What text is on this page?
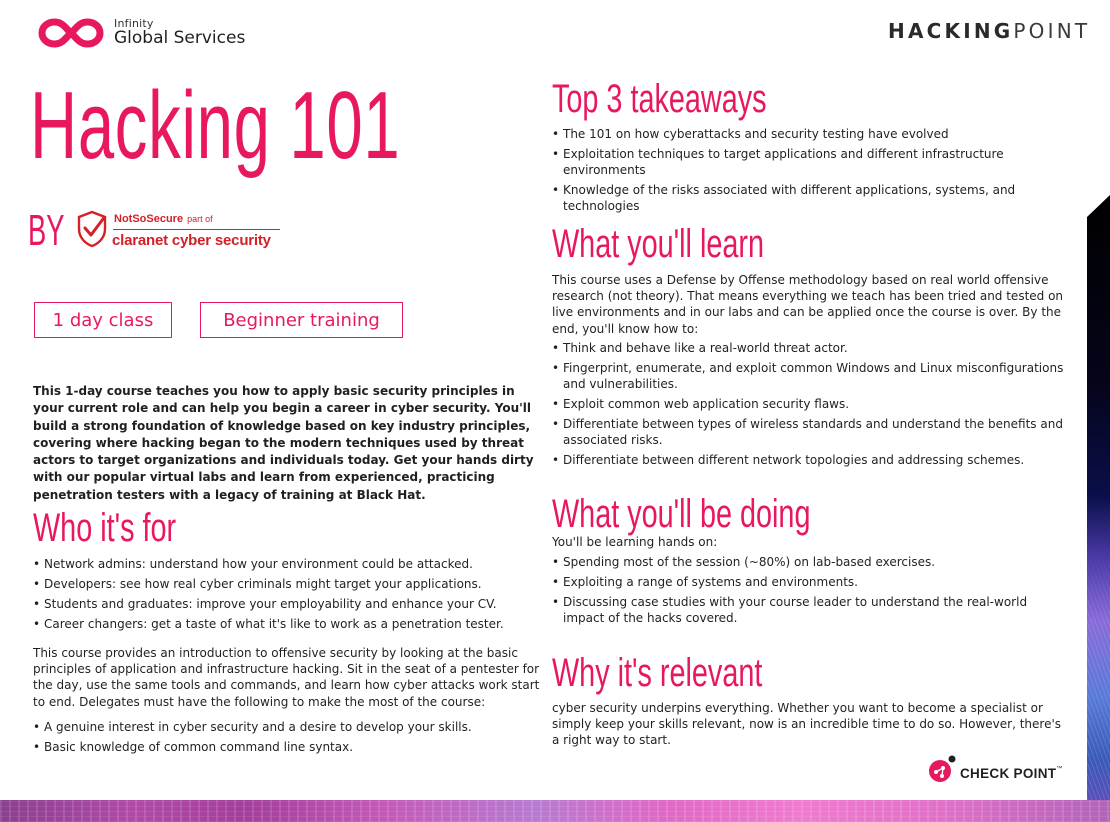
Infinity
Global Services	HACKINGPOINT
Hacking 101
BY	NotSoSecure part of
claranet cyber security
1 day class	Beginner training
This 1-day course teaches you how to apply basic security principles in your current role and can help you begin a career in cyber security. You'll build a strong foundation of knowledge based on key industry principles, covering where hacking began to the modern techniques used by threat actors to target organizations and individuals today. Get your hands dirty with our popular virtual labs and learn from experienced, practicing penetration testers with a legacy of training at Black Hat.
Who it's for
• Network admins: understand how your environment could be attacked.
• Developers: see how real cyber criminals might target your applications.
• Students and graduates: improve your employability and enhance your CV.
• Career changers: get a taste of what it's like to work as a penetration tester.
This course provides an introduction to offensive security by looking at the basic principles of application and infrastructure hacking. Sit in the seat of a pentester for the day, use the same tools and commands, and learn how cyber attacks work start to end. Delegates must have the following to make the most of the course:
• A genuine interest in cyber security and a desire to develop your skills.
• Basic knowledge of common command line syntax.
Top 3 takeaways
• The 101 on how cyberattacks and security testing have evolved
• Exploitation techniques to target applications and different infrastructure environments
• Knowledge of the risks associated with different applications, systems, and technologies
What you'll learn
This course uses a Defense by Offense methodology based on real world offensive research (not theory). That means everything we teach has been tried and tested on live environments and in our labs and can be applied once the course is over. By the end, you'll know how to:
• Think and behave like a real-world threat actor.
• Fingerprint, enumerate, and exploit common Windows and Linux misconfigurations and vulnerabilities.
• Exploit common web application security flaws.
• Differentiate between types of wireless standards and understand the benefits and associated risks.
• Differentiate between different network topologies and addressing schemes.
What you'll be doing
You'll be learning hands on:
• Spending most of the session (~80%) on lab-based exercises.
• Exploiting a range of systems and environments.
• Discussing case studies with your course leader to understand the real-world impact of the hacks covered.
Why it's relevant
cyber security underpins everything. Whether you want to become a specialist or simply keep your skills relevant, now is an incredible time to do so. However, there's a right way to start.
CHECK POINT™
